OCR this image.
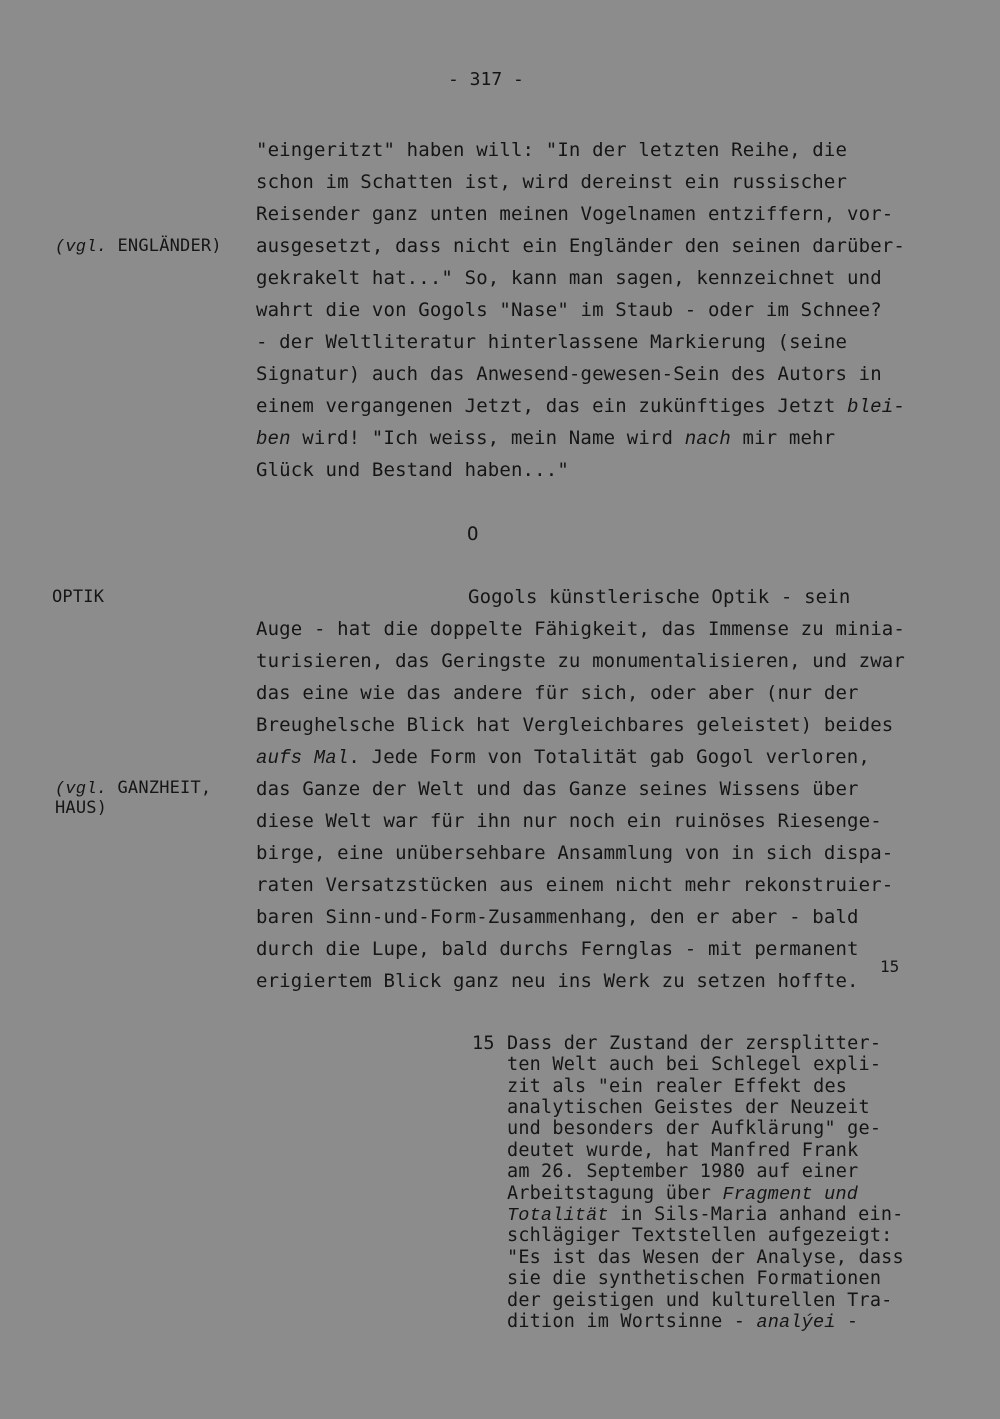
- 317 -
"eingeritzt" haben will: "In der letzten Reihe, die
schon im Schatten ist, wird dereinst ein russischer
Reisender ganz unten meinen Vogelnamen entziffern, vor-
ausgesetzt, dass nicht ein Engländer den seinen darüber-
gekrakelt hat..." So, kann man sagen, kennzeichnet und
wahrt die von Gogols "Nase" im Staub - oder im Schnee?
- der Weltliteratur hinterlassene Markierung (seine
Signatur) auch das Anwesend-gewesen-Sein des Autors in
einem vergangenen Jetzt, das ein zukünftiges Jetzt blei-
ben wird! "Ich weiss, mein Name wird nach mir mehr
Glück und Bestand haben..."
(vgl. ENGLÄNDER)
O
OPTIK	Gogols künstlerische Optik - sein
Auge - hat die doppelte Fähigkeit, das Immense zu minia-
turisieren, das Geringste zu monumentalisieren, und zwar
das eine wie das andere für sich, oder aber (nur der
Breughelsche Blick hat Vergleichbares geleistet) beides
aufs Mal. Jede Form von Totalität gab Gogol verloren,
das Ganze der Welt und das Ganze seines Wissens über
diese Welt war für ihn nur noch ein ruinöses Riesenge-
birge, eine unübersehbare Ansammlung von in sich dispa-
raten Versatzstücken aus einem nicht mehr rekonstruier-
baren Sinn-und-Form-Zusammenhang, den er aber - bald
durch die Lupe, bald durchs Fernglas - mit permanent
erigiertem Blick ganz neu ins Werk zu setzen hoffte.
15
(vgl. GANZHEIT,
HAUS)
15 Dass der Zustand der zersplitter-
ten Welt auch bei Schlegel expli-
zit als "ein realer Effekt des
analytischen Geistes der Neuzeit
und besonders der Aufklärung" ge-
deutet wurde, hat Manfred Frank
am 26. September 1980 auf einer
Arbeitstagung über Fragment und
Totalität in Sils-Maria anhand ein-
schlägiger Textstellen aufgezeigt:
"Es ist das Wesen der Analyse, dass
sie die synthetischen Formationen
der geistigen und kulturellen Tra-
dition im Wortsinne - analýei -
